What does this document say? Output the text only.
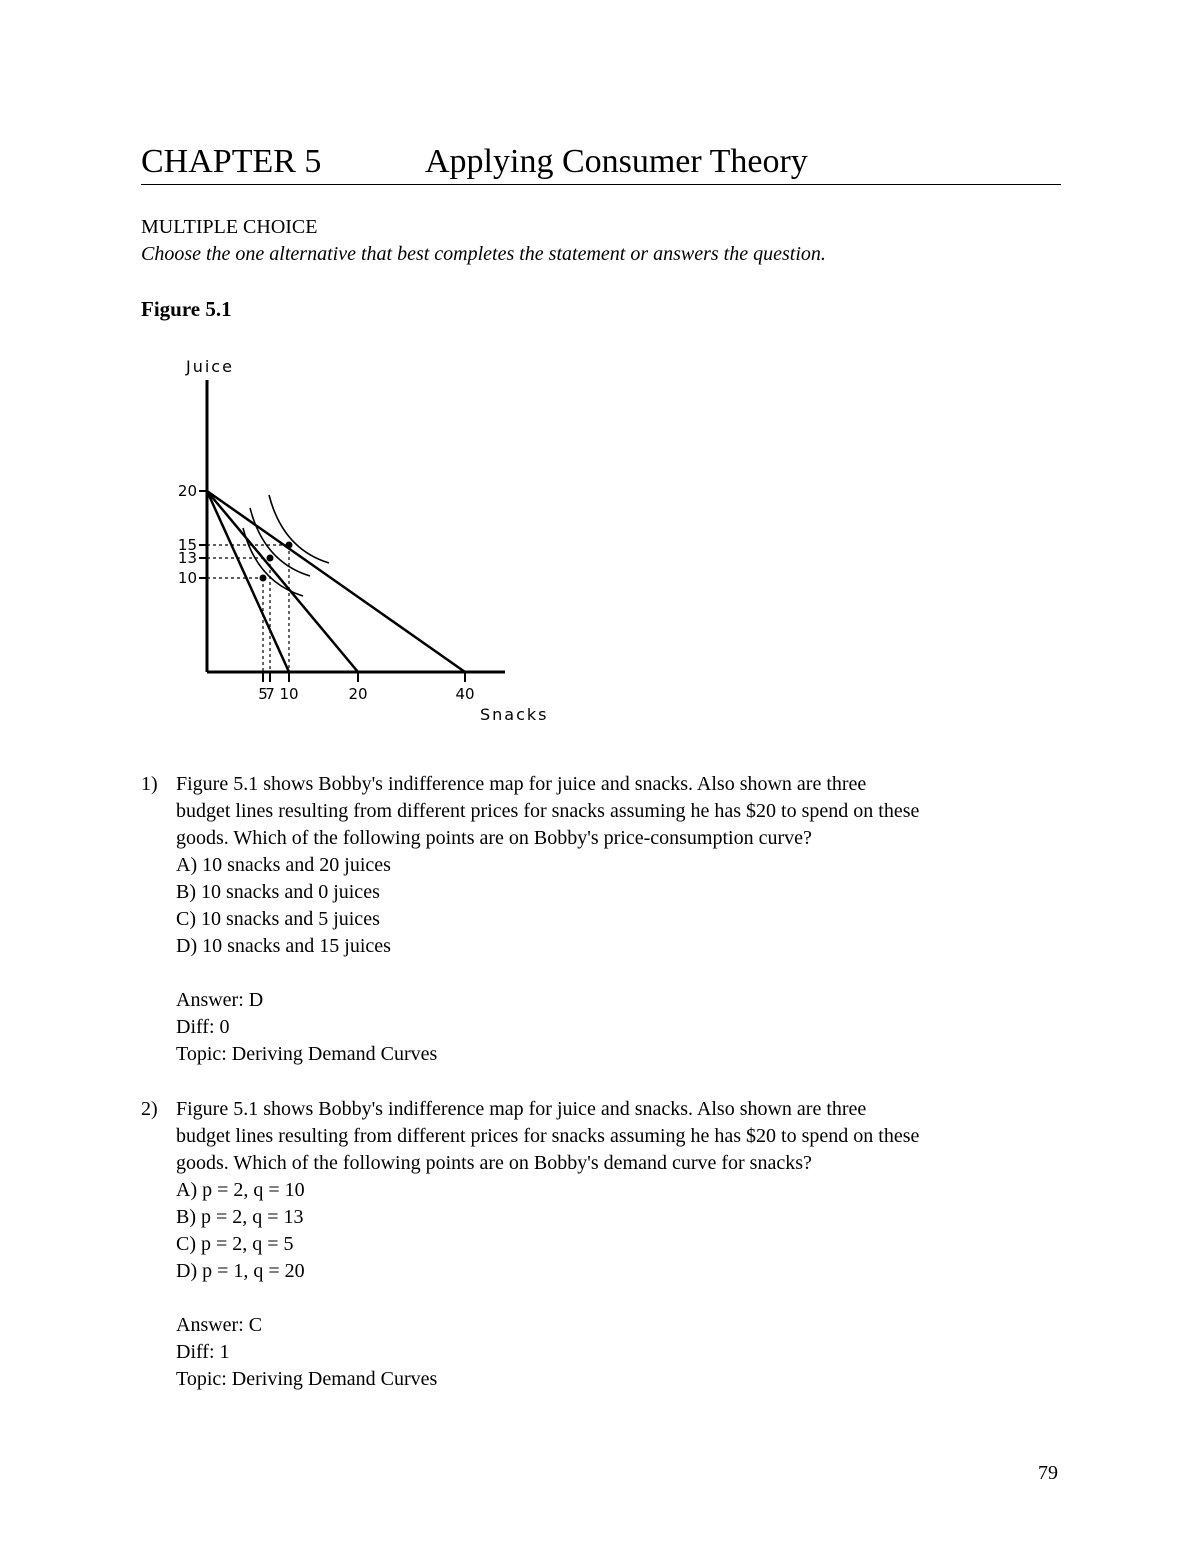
CHAPTER 5	Applying Consumer Theory
MULTIPLE CHOICE
Choose the one alternative that best completes the statement or answers the question.
Figure 5.1
20
15
13
10
5
7 10	20	40
Juice
Snacks
1) Figure 5.1 shows Bobby's indifference map for juice and snacks. Also shown are three
budget lines resulting from different prices for snacks assuming he has $20 to spend on these
goods. Which of the following points are on Bobby's price-consumption curve?
A) 10 snacks and 20 juices
B) 10 snacks and 0 juices
C) 10 snacks and 5 juices
D) 10 snacks and 15 juices
Answer: D
Diff: 0
Topic: Deriving Demand Curves
2) Figure 5.1 shows Bobby's indifference map for juice and snacks. Also shown are three
budget lines resulting from different prices for snacks assuming he has $20 to spend on these
goods. Which of the following points are on Bobby's demand curve for snacks?
A) p = 2, q = 10
B) p = 2, q = 13
C) p = 2, q = 5
D) p = 1, q = 20
Answer: C
Diff: 1
Topic: Deriving Demand Curves
79
